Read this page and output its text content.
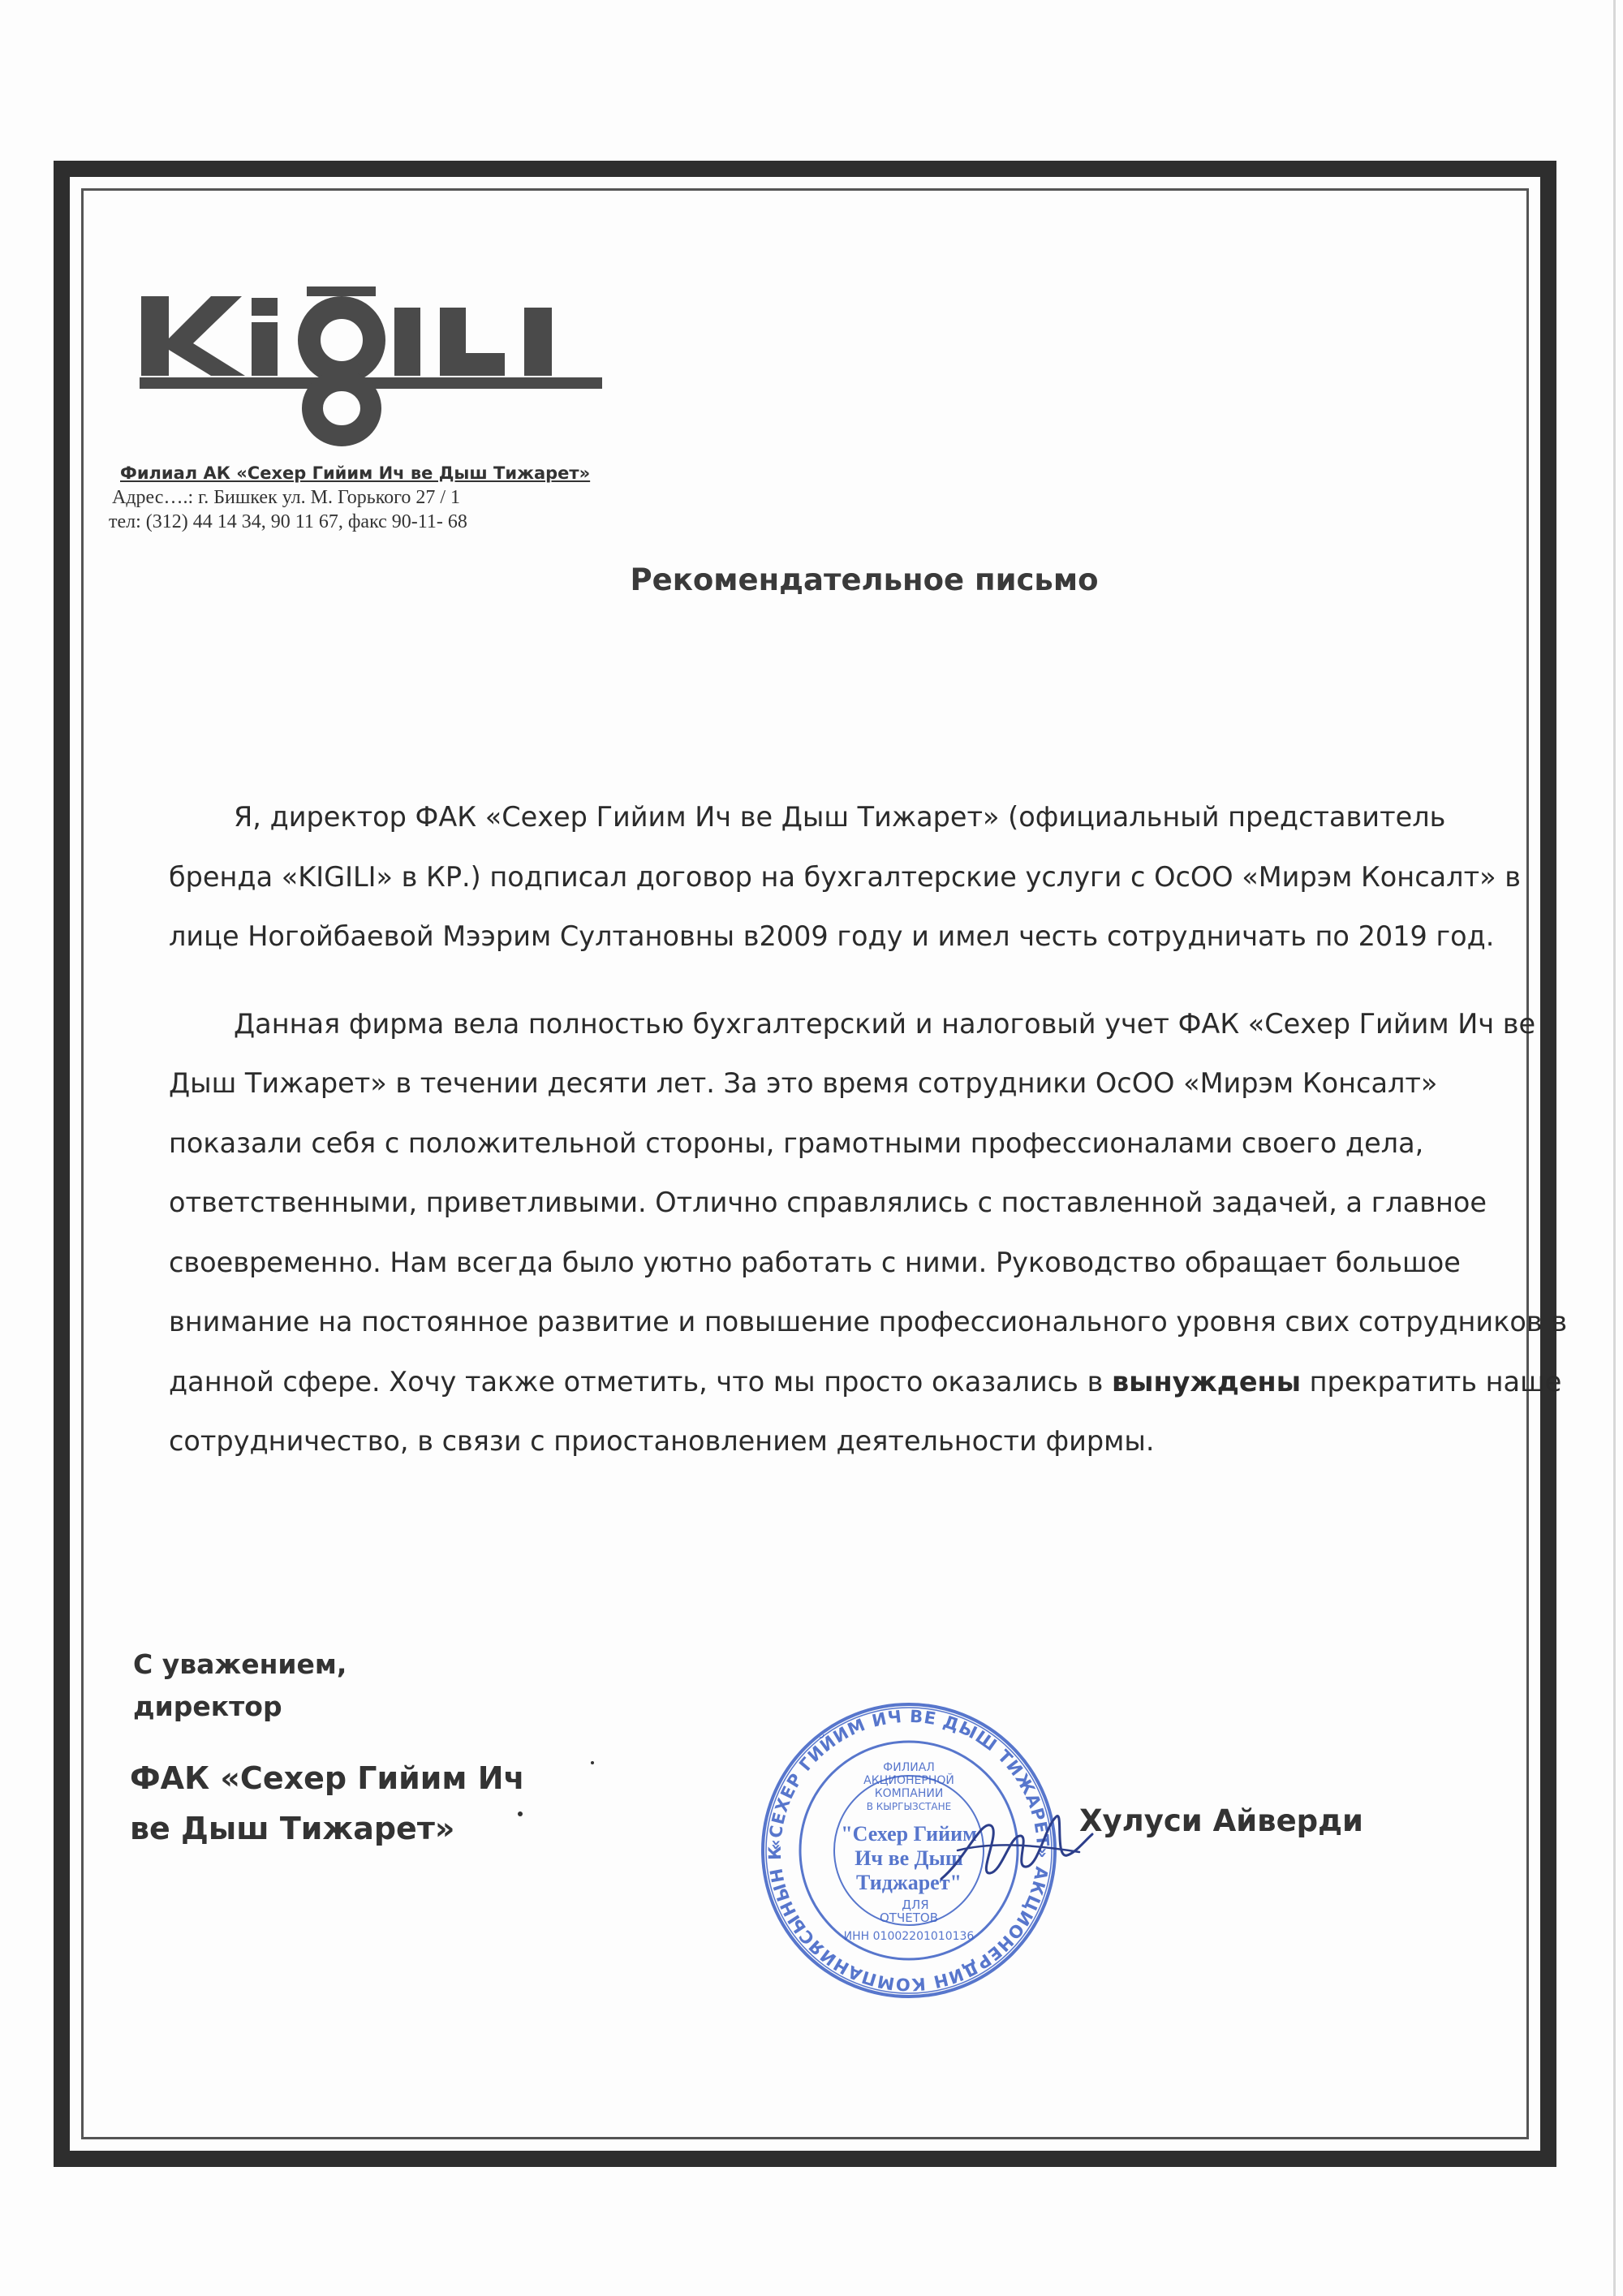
Филиал АК «Сехер Гийим Ич ве Дыш Тижарет»
Адрес….: г. Бишкек ул. М. Горького 27 / 1
тел: (312) 44 14 34, 90 11 67, факс 90-11- 68
Рекомендательное письмо
Я, директор ФАК «Сехер Гийим Ич ве Дыш Тижарет» (официальный представитель
бренда «KIGILI» в КР.) подписал договор на бухгалтерские услуги с ОсОО «Мирэм Консалт» в
лице Ногойбаевой Мээрим Султановны в2009 году и имел честь сотрудничать по 2019 год.
Данная фирма вела полностью бухгалтерский и налоговый учет ФАК «Сехер Гийим Ич ве
Дыш Тижарет» в течении десяти лет. За это время сотрудники ОсОО «Мирэм Консалт»
показали себя с положительной стороны, грамотными профессионалами своего дела,
ответственными, приветливыми. Отлично справлялись с поставленной задачей, а главное
своевременно. Нам всегда было уютно работать с ними. Руководство обращает большое
внимание на постоянное развитие и повышение профессионального уровня свих сотрудников в
данной сфере. Хочу также отметить, что мы просто оказались в вынуждены прекратить наше
сотрудничество, в связи с приостановлением деятельности фирмы.
С уважением,
директор
ФАК «Сехер Гийим Ич
ве Дыш Тижарет»	«СЕХЕР ГИЙИМ ИЧ ВЕ ДЫШ ТИЖАРЕТ» АКЦИОНЕРДИН КОМПАНИЯСЫНЫН К
ФИЛИАЛ
АКЦИОНЕРНОЙ
КОМПАНИИ
В КЫРГЫЗСТАНЕ
"Сехер Гийим
Ич ве Дыш
Тиджарет"
ДЛЯ
ОТЧЕТОВ
ИНН 01002201010136
Хулуси Айверди
